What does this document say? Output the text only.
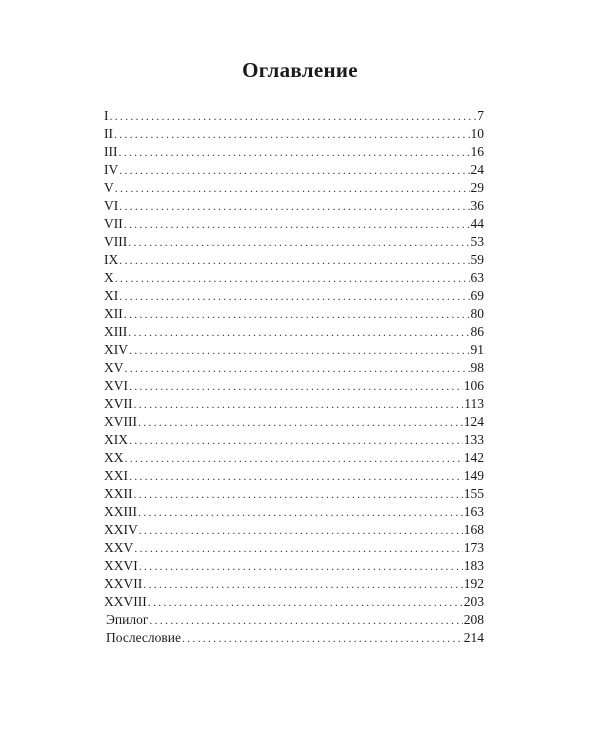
Оглавление
I .....	7
II .....	10
III .....	16
IV .....	24
V .....	29
VI .....	36
VII .....	44
VIII .....	53
IX .....	59
X .....	63
XI .....	69
XII .....	80
XIII .....	86
XIV .....	91
XV .....	98
XVI .....	106
XVII .....	113
XVIII .....	124
XIX .....	133
XX .....	142
XXI .....	149
XXII .....	155
XXIII .....	163
XXIV .....	168
XXV .....	173
XXVI .....	183
XXVII .....	192
XXVIII .....	203
Эпилог .....	208
Послесловие .....	214
